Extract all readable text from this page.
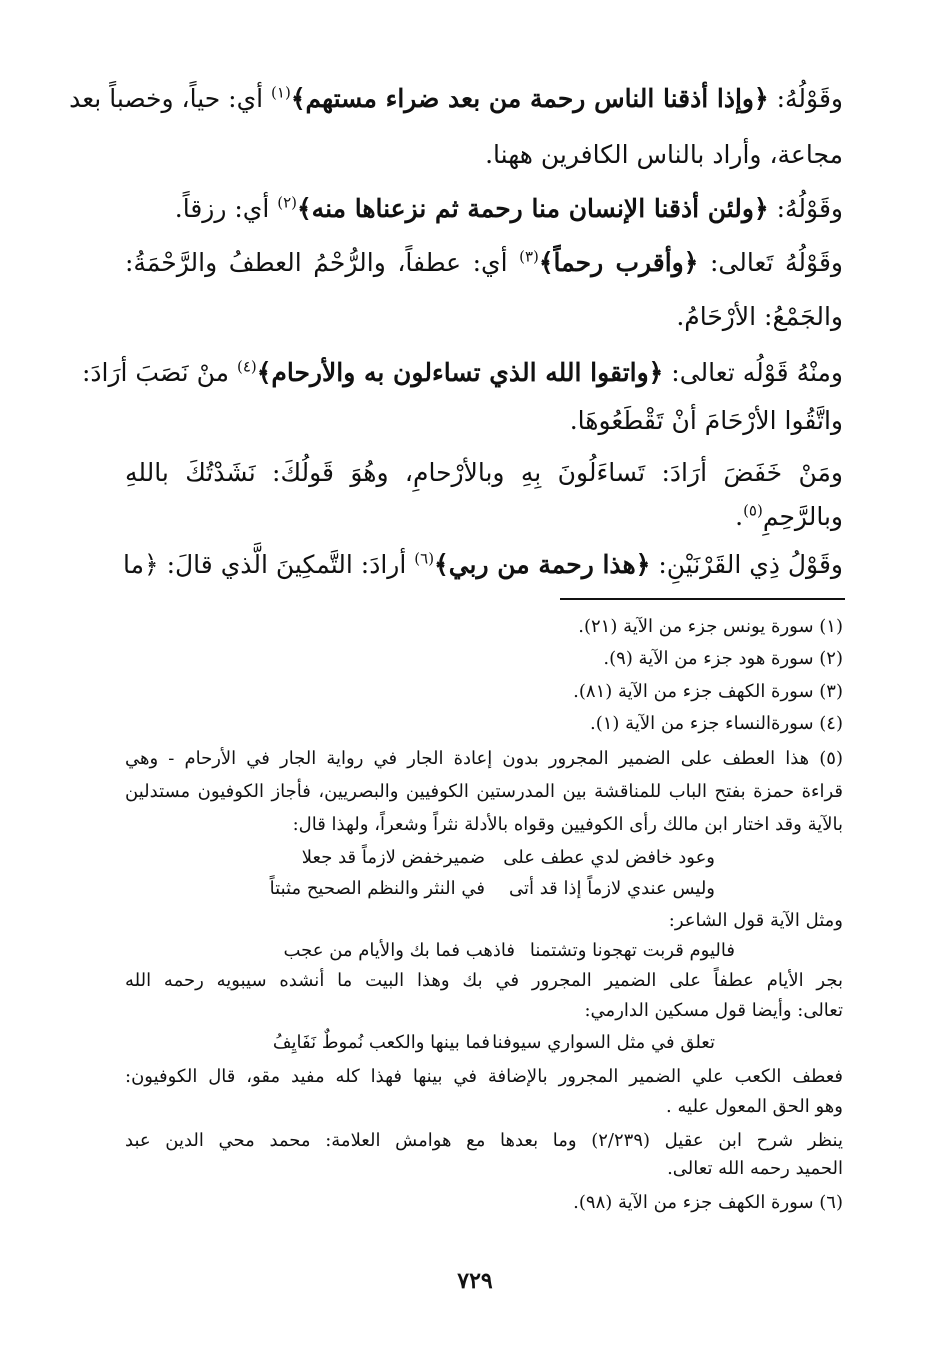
وقَوْلُهُ: ﴿وإذا أذقنا الناس رحمة من بعد ضراء مستهم﴾$^{(١)}$ أي: حياً، وخصباً بعد
مجاعة، وأراد بالناس الكافرين ههنا.
وقَوْلُهُ: ﴿ولئن أذقنا الإنسان منا رحمة ثم نزعناها منه﴾$^{(٢)}$ أي: رزقاً.
وقَوْلُهُ تَعالى: ﴿وأقرب رحماً﴾$^{(٣)}$ أي: عطفاً، والرُّحْمُ العطفُ والرَّحْمَةُ:
والجَمْعُ: الأرْحَامُ.
ومنْهُ قَوْلُه تعالى: ﴿واتقوا الله الذي تساءلون به والأرحام﴾$^{(٤)}$ منْ نَصَبَ أرَادَ:
واتَّقُوا الأرْحَامَ أنْ تَقْطَعُوهَا.
ومَنْ خَفَضَ أرَادَ: تَساءَلُونَ بِهِ وبالأرْحامِ، وهُوَ قَولُكَ: نَشَدْتُكَ باللهِ
وبالرَّحِمِ$^{(٥)}$.
وقَوْلُ ذِي القَرْنَيْنِ: ﴿هذا رحمة من ربي﴾$^{(٦)}$ أرادَ: التَّمكِينَ الَّذي قالَ: ﴿ما
(١) سورة يونس جزء من الآية (٢١).
(٢) سورة هود جزء من الآية (٩).
(٣) سورة الكهف جزء من الآية (٨١).
(٤) سورةالنساء جزء من الآية (١).
(٥) هذا العطف على الضمير المجرور بدون إعادة الجار في رواية الجار في الأرحام - وهي
قراءة حمزة بفتح الباب للمناقشة بين المدرستين الكوفيين والبصريين، فأجاز الكوفيون مستدلين
بالآية وقد اختار ابن مالك رأى الكوفيين وقواه بالأدلة نثراً وشعراً، ولهذا قال:
وعود خافض لدي عطف على
ضميرخفض لازماً قد جعلا
وليس عندي لازماً إذا قد أتى
في النثر والنظم الصحيح مثبتاً
ومثل الآية قول الشاعر:
فاليوم قربت تهجونا وتشتمنا
فاذهب فما بك والأيام من عجب
بجر الأيام عطفاً على الضمير المجرور في بك وهذا البيت ما أنشده سيبويه رحمه الله
تعالى: وأيضا قول مسكين الدارمي:
تعلق في مثل السواري سيوفنا
فما بينها والكعب نُموطٌ نَفَايِفُ
فعطف الكعب علي الضمير المجرور بالإضافة في بينها فهذا كله مفيد مقو، قال الكوفيون:
وهو الحق المعول عليه .
ينظر شرح ابن عقيل (٢/٢٣٩) وما بعدها مع هوامش العلامة: محمد محي الدين عبد
الحميد رحمه الله تعالى.
(٦) سورة الكهف جزء من الآية (٩٨).
٧٢٩
